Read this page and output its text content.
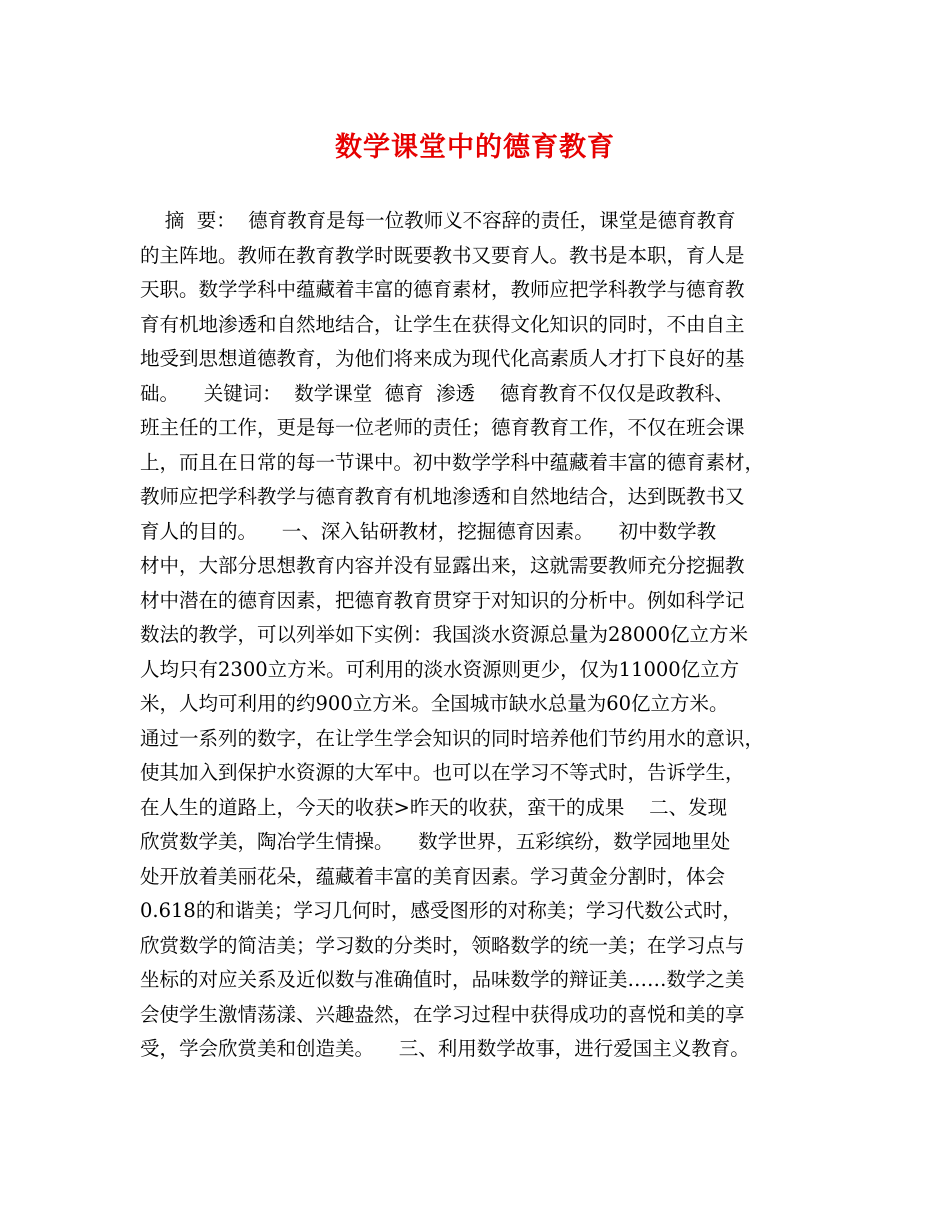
数学课堂中的德育教育
摘  要：  德育教育是每一位教师义不容辞的责任，课堂是德育教育
的主阵地。教师在教育教学时既要教书又要育人。教书是本职，育人是
天职。数学学科中蕴藏着丰富的德育素材，教师应把学科教学与德育教
育有机地渗透和自然地结合，让学生在获得文化知识的同时，不由自主
地受到思想道德教育，为他们将来成为现代化高素质人才打下良好的基
础。    关键词：  数学课堂  德育  渗透    德育教育不仅仅是政教科、
班主任的工作，更是每一位老师的责任；德育教育工作，不仅在班会课
上，而且在日常的每一节课中。初中数学学科中蕴藏着丰富的德育素材，
教师应把学科教学与德育教育有机地渗透和自然地结合，达到既教书又
育人的目的。    一、深入钻研教材，挖掘德育因素。    初中数学教
材中，大部分思想教育内容并没有显露出来，这就需要教师充分挖掘教
材中潜在的德育因素，把德育教育贯穿于对知识的分析中。例如科学记
数法的教学，可以列举如下实例：我国淡水资源总量为28000亿立方米
人均只有2300立方米。可利用的淡水资源则更少，仅为11000亿立方
米，人均可利用的约900立方米。全国城市缺水总量为60亿立方米。
通过一系列的数字，在让学生学会知识的同时培养他们节约用水的意识，
使其加入到保护水资源的大军中。也可以在学习不等式时，告诉学生，
在人生的道路上，今天的收获>昨天的收获，蛮干的成果    二、发现
欣赏数学美，陶冶学生情操。    数学世界，五彩缤纷，数学园地里处
处开放着美丽花朵，蕴藏着丰富的美育因素。学习黄金分割时，体会
0.618的和谐美；学习几何时，感受图形的对称美；学习代数公式时，
欣赏数学的简洁美；学习数的分类时，领略数学的统一美；在学习点与
坐标的对应关系及近似数与准确值时，品味数学的辩证美……数学之美
会使学生激情荡漾、兴趣盎然，在学习过程中获得成功的喜悦和美的享
受，学会欣赏美和创造美。    三、利用数学故事，进行爱国主义教育。
